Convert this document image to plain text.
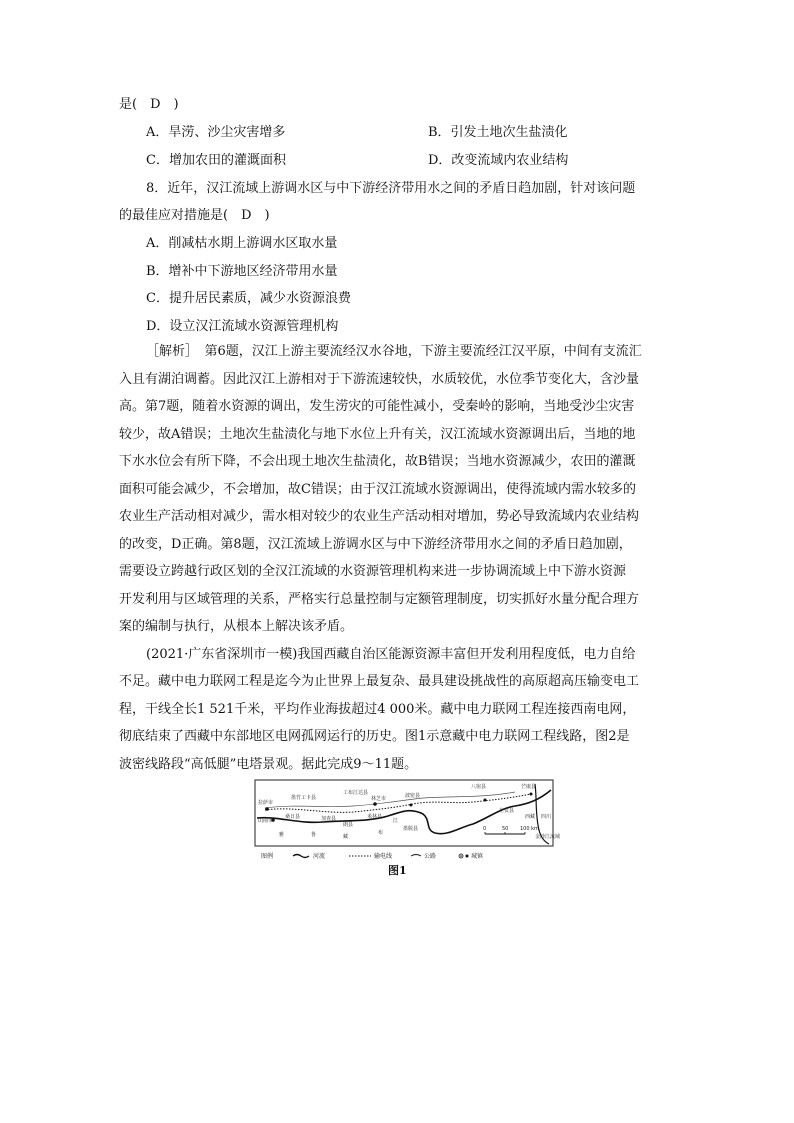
是(　D　)
A．旱涝、沙尘灾害增多	B．引发土地次生盐渍化
C．增加农田的灌溉面积	D．改变流域内农业结构
8．近年，汉江流域上游调水区与中下游经济带用水之间的矛盾日趋加剧，针对该问题
的最佳应对措施是(　D　)
A．削减枯水期上游调水区取水量
B．增补中下游地区经济带用水量
C．提升居民素质，减少水资源浪费
D．设立汉江流域水资源管理机构
［解析］　第6题，汉江上游主要流经汉水谷地，下游主要流经江汉平原，中间有支流汇
入且有湖泊调蓄。因此汉江上游相对于下游流速较快，水质较优，水位季节变化大，含沙量
高。第7题，随着水资源的调出，发生涝灾的可能性减小，受秦岭的影响，当地受沙尘灾害
较少，故A错误；土地次生盐渍化与地下水位上升有关，汉江流域水资源调出后，当地的地
下水水位会有所下降，不会出现土地次生盐渍化，故B错误；当地水资源减少，农田的灌溉
面积可能会减少，不会增加，故C错误；由于汉江流域水资源调出，使得流域内需水较多的
农业生产活动相对减少，需水相对较少的农业生产活动相对增加，势必导致流域内农业结构
的改变，D正确。第8题，汉江流域上游调水区与中下游经济带用水之间的矛盾日趋加剧，
需要设立跨越行政区划的全汉江流域的水资源管理机构来进一步协调流域上中下游水资源
开发利用与区域管理的关系，严格实行总量控制与定额管理制度，切实抓好水量分配合理方
案的编制与执行，从根本上解决该矛盾。
(2021·广东省深圳市一模)我国西藏自治区能源资源丰富但开发利用程度低，电力自给
不足。藏中电力联网工程是迄今为止世界上最复杂、最具建设挑战性的高原超高压输变电工
程，干线全长1 521千米，平均作业海拔超过4 000米。藏中电力联网工程连接西南电网，
彻底结束了西藏中东部地区电网孤网运行的历史。图1示意藏中电力联网工程线路，图2是
波密线路段“高低腿”电塔景观。据此完成9～11题。
拉萨市
墨竹工卡县
工布江达县
林芝市	波密县
八宿县	芒康县
山南市
桑日县	加查县
朗县
米林县
墨脱县
左贡县
雅	鲁	藏
布
江
金沙江流域
西藏 四川
0	50 100 km
图例	河流	输电线	公路	城镇
图1
